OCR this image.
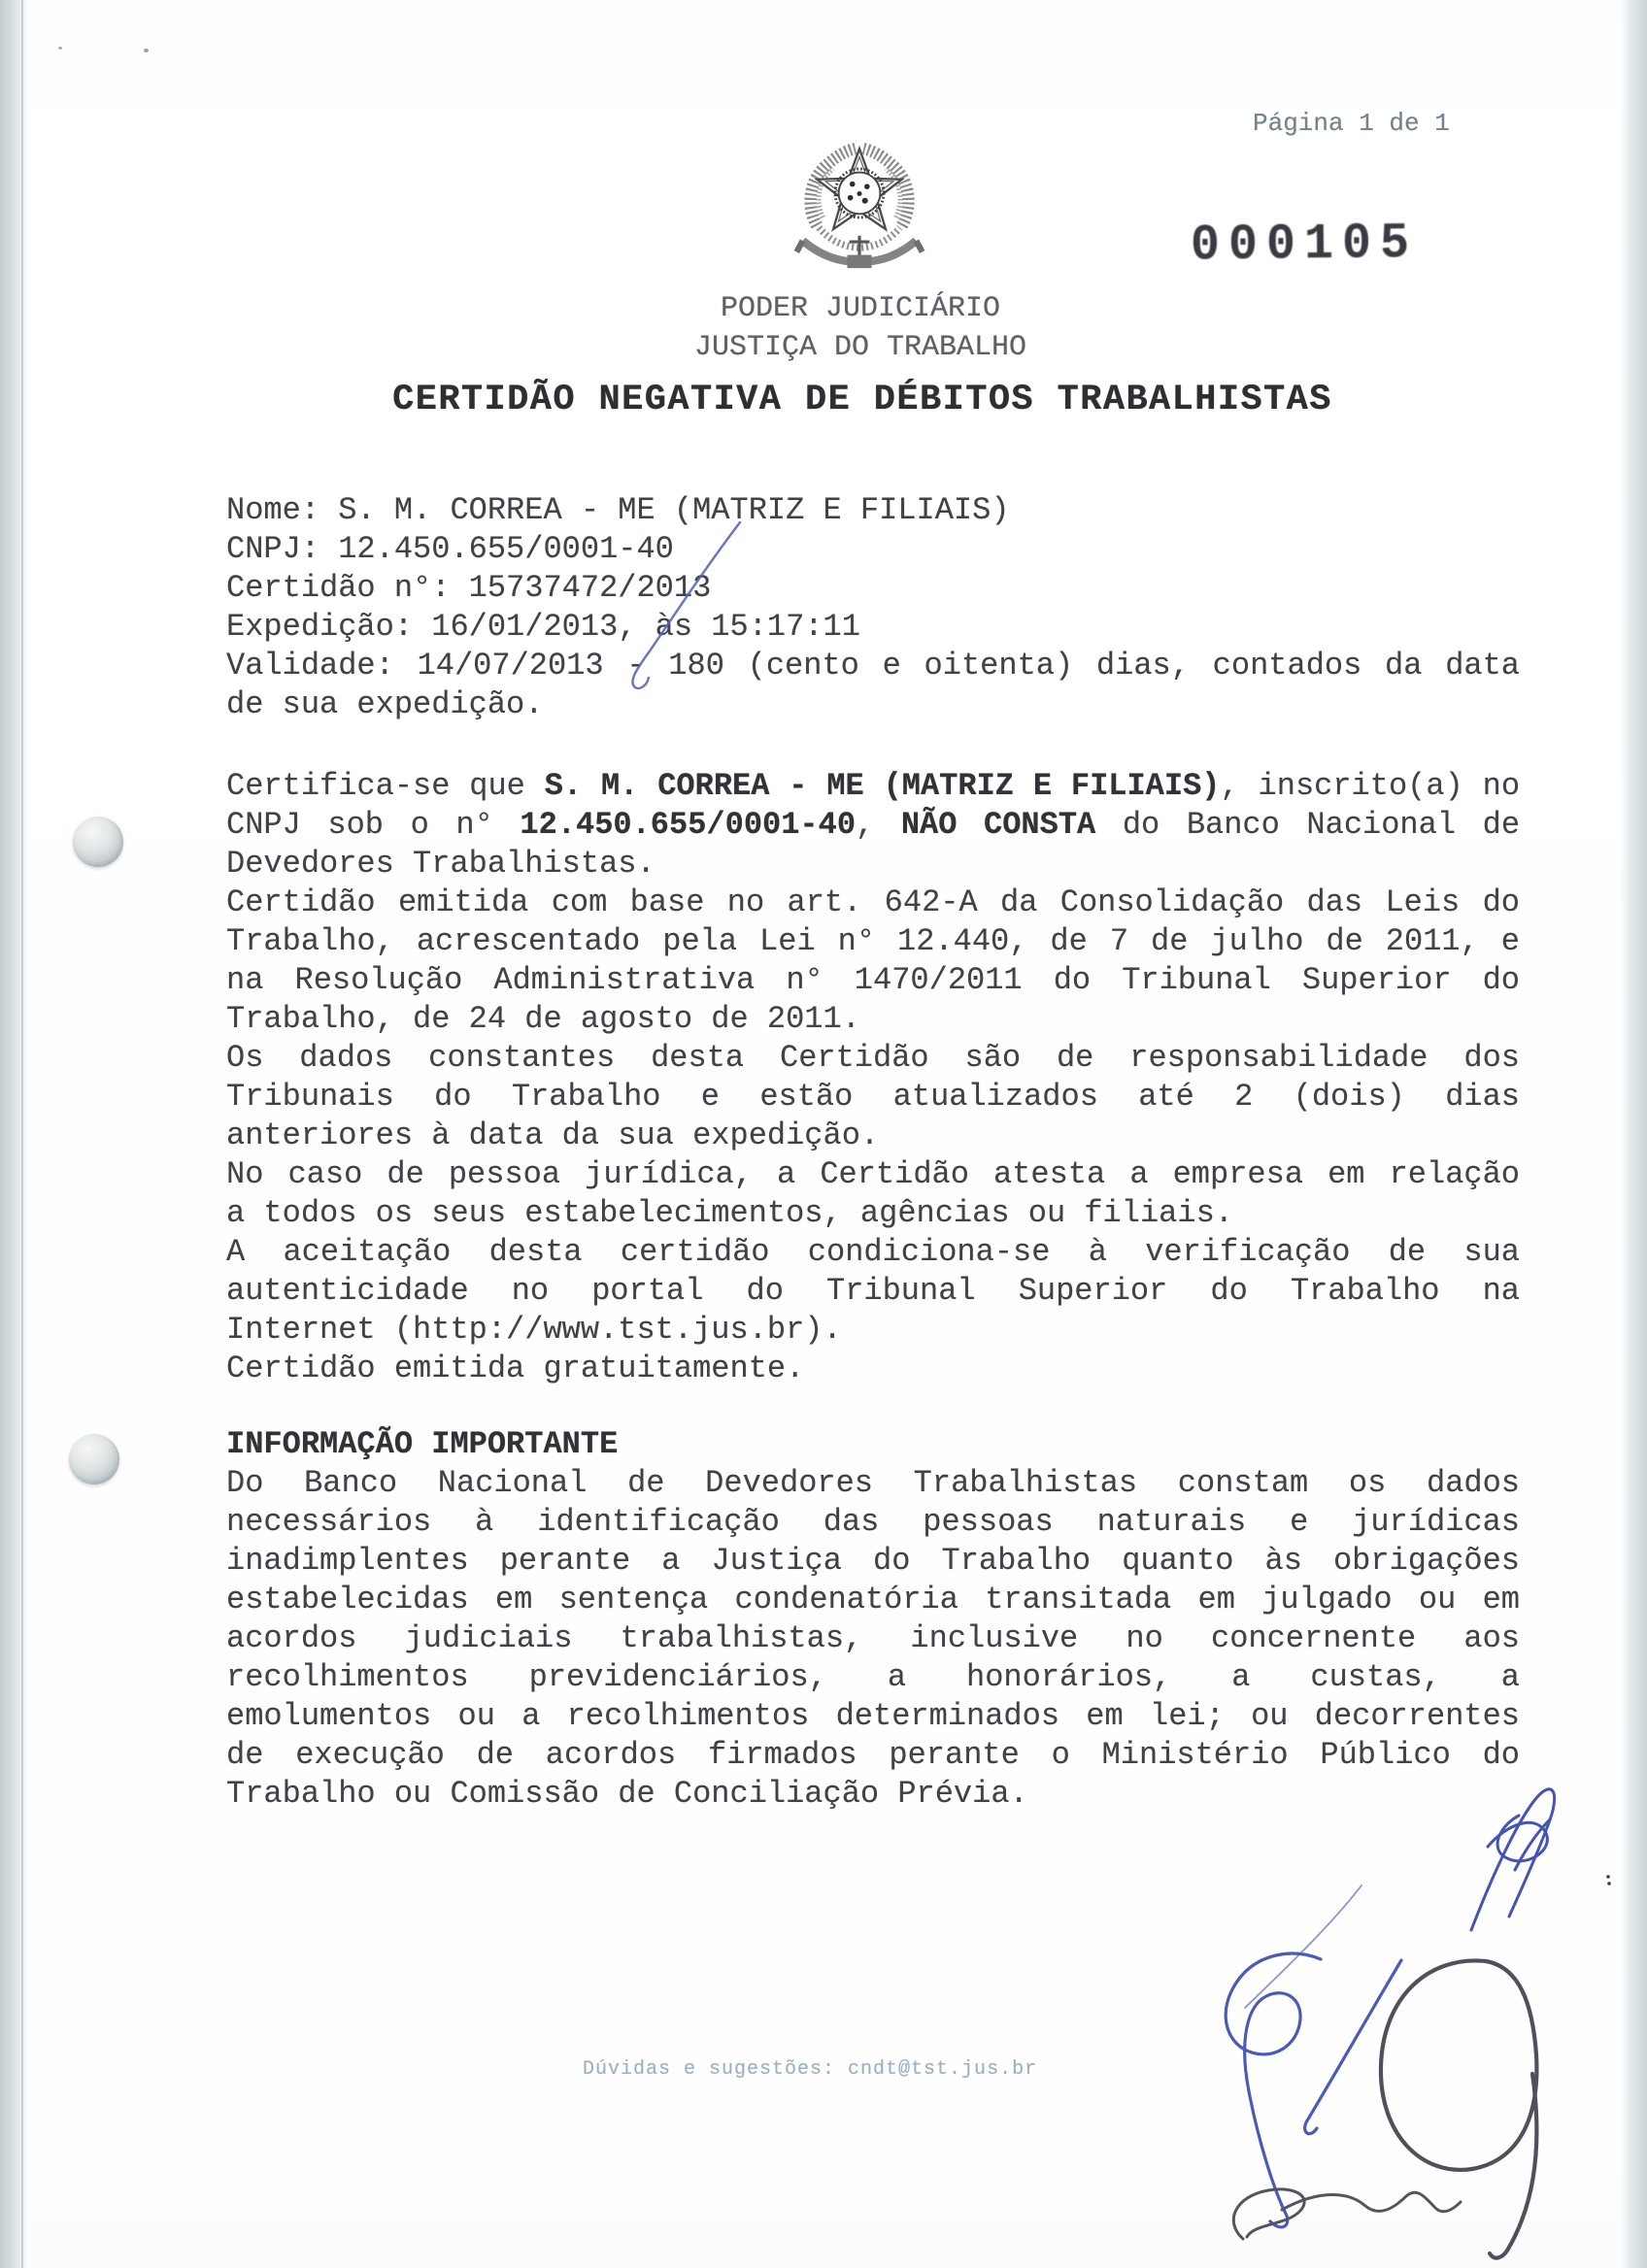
Página 1 de 1
000105
PODER JUDICIÁRIO
JUSTIÇA DO TRABALHO
CERTIDÃO NEGATIVA DE DÉBITOS TRABALHISTAS
Nome: S. M. CORREA - ME (MATRIZ E FILIAIS)
CNPJ: 12.450.655/0001-40
Certidão n°: 15737472/2013
Expedição: 16/01/2013, às 15:17:11
Validade: 14/07/2013 - 180 (cento e oitenta) dias, contados da data
de sua expedição.
Certifica-se que S. M. CORREA - ME (MATRIZ E FILIAIS), inscrito(a) no
CNPJ sob o n° 12.450.655/0001-40, NÃO CONSTA do Banco Nacional de
Devedores Trabalhistas.
Certidão emitida com base no art. 642-A da Consolidação das Leis do
Trabalho, acrescentado pela Lei n° 12.440, de 7 de julho de 2011, e
na Resolução Administrativa n° 1470/2011 do Tribunal Superior do
Trabalho, de 24 de agosto de 2011.
Os dados constantes desta Certidão são de responsabilidade dos
Tribunais do Trabalho e estão atualizados até 2 (dois) dias
anteriores à data da sua expedição.
No caso de pessoa jurídica, a Certidão atesta a empresa em relação
a todos os seus estabelecimentos, agências ou filiais.
A aceitação desta certidão condiciona-se à verificação de sua
autenticidade no portal do Tribunal Superior do Trabalho na
Internet (http://www.tst.jus.br).
Certidão emitida gratuitamente.
INFORMAÇÃO IMPORTANTE
Do Banco Nacional de Devedores Trabalhistas constam os dados
necessários à identificação das pessoas naturais e jurídicas
inadimplentes perante a Justiça do Trabalho quanto às obrigações
estabelecidas em sentença condenatória transitada em julgado ou em
acordos judiciais trabalhistas, inclusive no concernente aos
recolhimentos previdenciários, a honorários, a custas, a
emolumentos ou a recolhimentos determinados em lei; ou decorrentes
de execução de acordos firmados perante o Ministério Público do
Trabalho ou Comissão de Conciliação Prévia.
Dúvidas e sugestões: cndt@tst.jus.br
